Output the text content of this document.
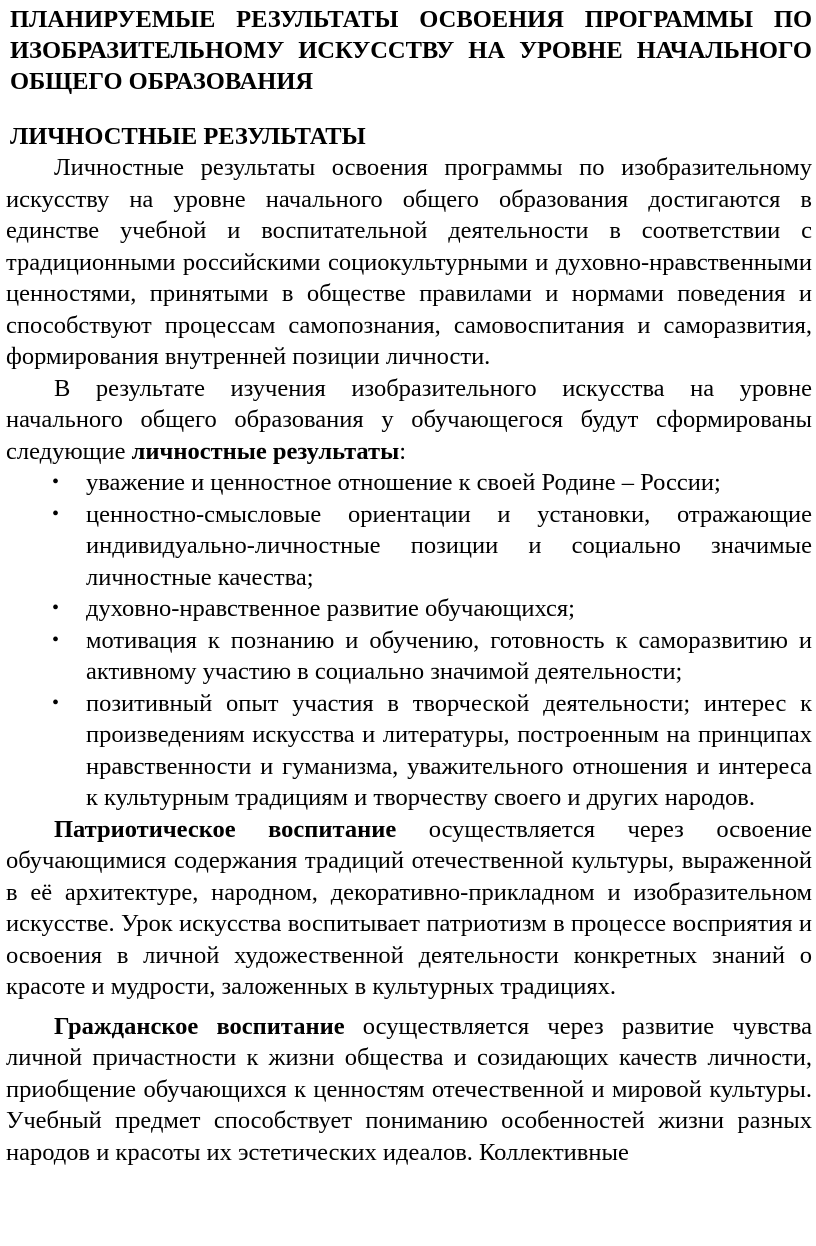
ПЛАНИРУЕМЫЕ РЕЗУЛЬТАТЫ ОСВОЕНИЯ ПРОГРАММЫ ПО ИЗОБРАЗИТЕЛЬНОМУ ИСКУССТВУ НА УРОВНЕ НАЧАЛЬНОГО ОБЩЕГО ОБРАЗОВАНИЯ
ЛИЧНОСТНЫЕ РЕЗУЛЬТАТЫ

Личностные результаты освоения программы по изобразительному искусству на уровне начального общего образования достигаются в единстве учебной и воспитательной деятельности в соответствии с традиционными российскими социокультурными и духовно-нравственными ценностями, принятыми в обществе правилами и нормами поведения и способствуют процессам самопознания, самовоспитания и саморазвития, формирования внутренней позиции личности.

В результате изучения изобразительного искусства на уровне начального общего образования у обучающегося будут сформированы следующие личностные результаты:

• уважение и ценностное отношение к своей Родине – России;
• ценностно-смысловые ориентации и установки, отражающие индивидуально-личностные позиции и социально значимые личностные качества;
• духовно-нравственное развитие обучающихся;
• мотивация к познанию и обучению, готовность к саморазвитию и активному участию в социально значимой деятельности;
• позитивный опыт участия в творческой деятельности; интерес к произведениям искусства и литературы, построенным на принципах нравственности и гуманизма, уважительного отношения и интереса к культурным традициям и творчеству своего и других народов.

Патриотическое воспитание осуществляется через освоение обучающимися содержания традиций отечественной культуры, выраженной в её архитектуре, народном, декоративно-прикладном и изобразительном искусстве. Урок искусства воспитывает патриотизм в процессе восприятия и освоения в личной художественной деятельности конкретных знаний о красоте и мудрости, заложенных в культурных традициях.

Гражданское воспитание осуществляется через развитие чувства личной причастности к жизни общества и созидающих качеств личности, приобщение обучающихся к ценностям отечественной и мировой культуры. Учебный предмет способствует пониманию особенностей жизни разных народов и красоты их эстетических идеалов. Коллективные
